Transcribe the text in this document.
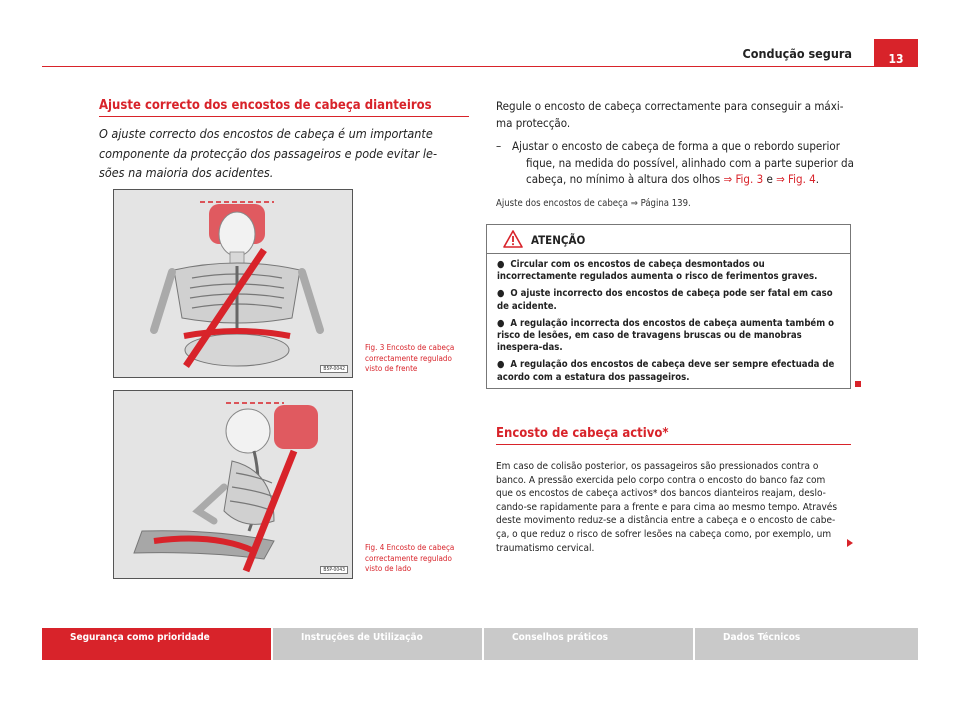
Condução segura	13
Ajuste correcto dos encostos de cabeça dianteiros
O ajuste correcto dos encostos de cabeça é um importante
componente da protecção dos passageiros e pode evitar le-
sões na maioria dos acidentes.
B5P-0042
Fig. 3 Encosto de cabeça
correctamente regulado
visto de frente
B5P-0043
Fig. 4 Encosto de cabeça
correctamente regulado
visto de lado
Regule o encosto de cabeça correctamente para conseguir a máxi-
ma protecção.
– Ajustar o encosto de cabeça de forma a que o rebordo superior
fique, na medida do possível, alinhado com a parte superior da
cabeça, no mínimo à altura dos olhos ⇒ Fig. 3 e ⇒ Fig. 4.
Ajuste dos encostos de cabeça ⇒ Página 139.
ATENÇÃO

●  Circular com os encostos de cabeça desmontados ou incorrectamente regulados aumenta o risco de ferimentos graves.

●  O ajuste incorrecto dos encostos de cabeça pode ser fatal em caso de acidente.

●  A regulação incorrecta dos encostos de cabeça aumenta também o risco de lesões, em caso de travagens bruscas ou de manobras inespera-das.

●  A regulação dos encostos de cabeça deve ser sempre efectuada de acordo com a estatura dos passageiros.

Encosto de cabeça activo*
Em caso de colisão posterior, os passageiros são pressionados contra o
banco. A pressão exercida pelo corpo contra o encosto do banco faz com
que os encostos de cabeça activos* dos bancos dianteiros reajam, deslo-
cando-se rapidamente para a frente e para cima ao mesmo tempo. Através
deste movimento reduz-se a distância entre a cabeça e o encosto de cabe-
ça, o que reduz o risco de sofrer lesões na cabeça como, por exemplo, um
traumatismo cervical.
Segurança como prioridade	Instruções de Utilização	Conselhos práticos	Dados Técnicos
